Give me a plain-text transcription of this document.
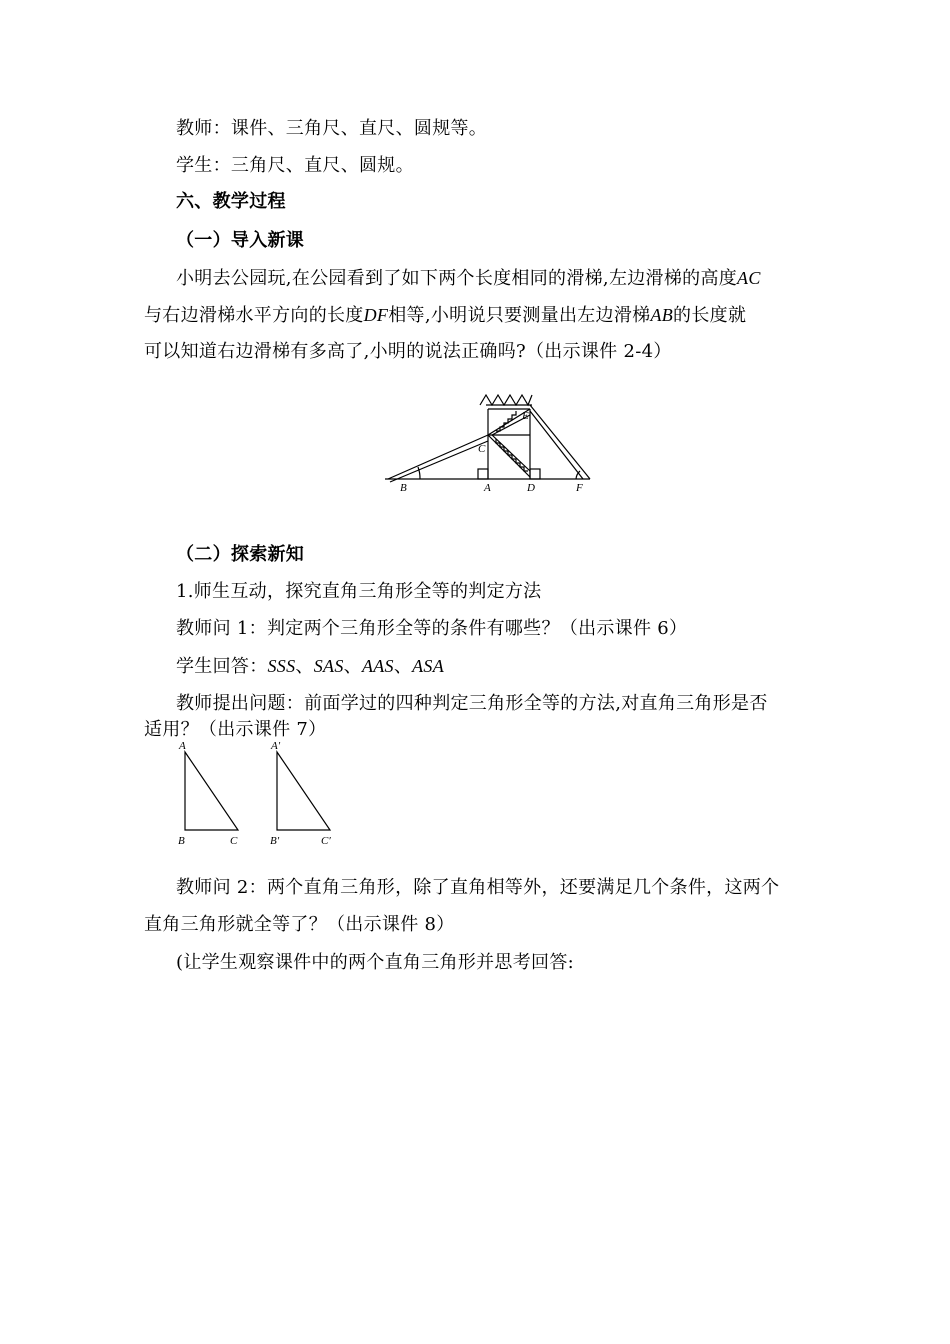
教师：课件、三角尺、直尺、圆规等。
学生：三角尺、直尺、圆规。
六、教学过程
（一）导入新课
小明去公园玩,在公园看到了如下两个长度相同的滑梯,左边滑梯的高度AC
与右边滑梯水平方向的长度DF相等,小明说只要测量出左边滑梯AB的长度就
可以知道右边滑梯有多高了,小明的说法正确吗?（出示课件 2-4）
B	A	D	F
C
E
（二）探索新知
1.师生互动，探究直角三角形全等的判定方法
教师问 1：判定两个三角形全等的条件有哪些？（出示课件 6）
学生回答：SSS、SAS、AAS、ASA
教师提出问题：前面学过的四种判定三角形全等的方法,对直角三角形是否
适用？（出示课件 7）
A
B	C
A′
B′	C′
教师问 2：两个直角三角形，除了直角相等外，还要满足几个条件，这两个
直角三角形就全等了？（出示课件 8）
(让学生观察课件中的两个直角三角形并思考回答:
